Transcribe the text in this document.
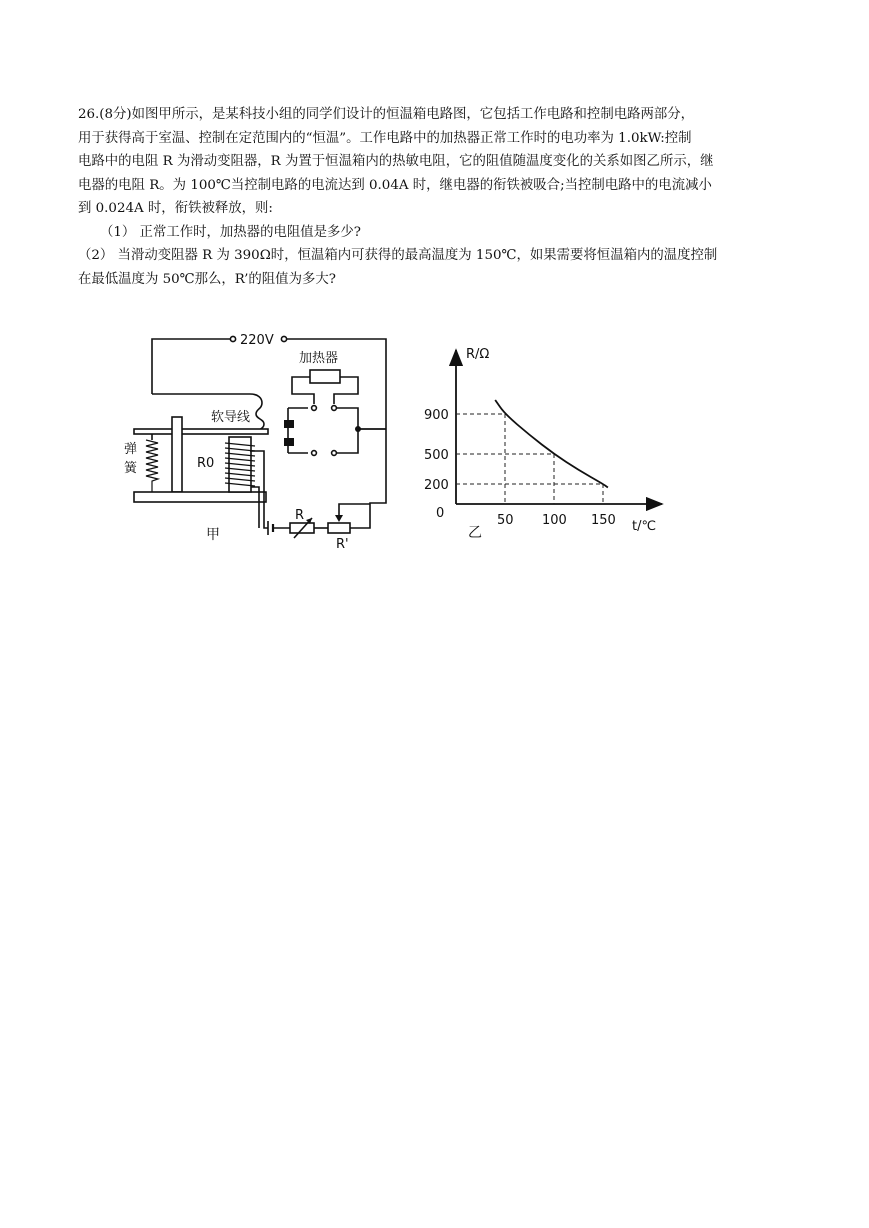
26.(8分)如图甲所示，是某科技小组的同学们设计的恒温箱电路图，它包括工作电路和控制电路两部分，

用于获得高于室温、控制在定范围内的“恒温”。工作电路中的加热器正常工作时的电功率为 1.0kW:控制

电路中的电阻 R 为滑动变阻器，R 为置于恒温箱内的热敏电阻，它的阻值随温度变化的关系如图乙所示，继

电器的电阻 R。为 100℃当控制电路的电流达到 0.04A 时，继电器的衔铁被吸合;当控制电路中的电流减小

到 0.024A 时，衔铁被释放，则:

（1） 正常工作时，加热器的电阻值是多少?

（2） 当滑动变阻器 R 为 390Ω时，恒温箱内可获得的最高温度为 150℃，如果需要将恒温箱内的温度控制

在最低温度为 50℃那么，R’的阻值为多大?

220V
软导线
加热器
弹
簧	R0
R
R'
甲
50 100 150
200
500
900
R/Ω
t/℃
0
乙
